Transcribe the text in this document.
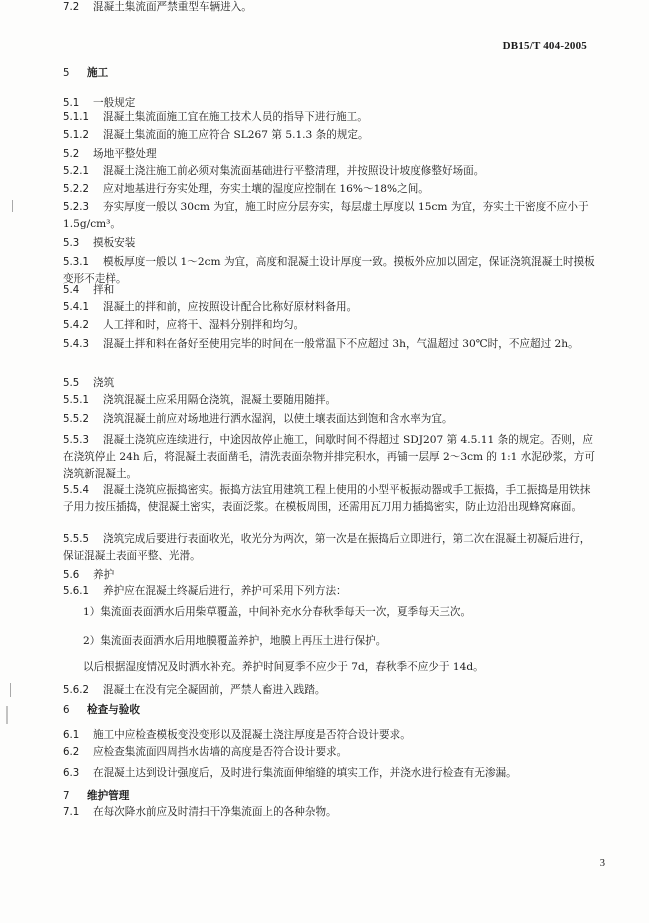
DB15/T 404-2005
5 施工
5.1 一般规定
5.1.1 混凝土集流面施工宜在施工技术人员的指导下进行施工。
5.1.2 混凝土集流面的施工应符合 SL267 第 5.1.3 条的规定。
5.2 场地平整处理
5.2.1 混凝土浇注施工前必须对集流面基础进行平整清理，并按照设计坡度修整好场面。
5.2.2 应对地基进行夯实处理，夯实土壤的湿度应控制在 16%～18%之间。
5.2.3 夯实厚度一般以 30cm 为宜，施工时应分层夯实，每层虚土厚度以 15cm 为宜，夯实土干密度不应小于 1.5g/cm³。
5.3 摸板安装
5.3.1 模板厚度一般以 1～2cm 为宜，高度和混凝土设计厚度一致。摸板外应加以固定，保证浇筑混凝土时摸板变形不走样。
5.4 拌和
5.4.1 混凝土的拌和前，应按照设计配合比称好原材料备用。
5.4.2 人工拌和时，应将干、湿料分别拌和均匀。
5.4.3 混凝土拌和料在备好至使用完毕的时间在一般常温下不应超过 3h，气温超过 30℃时，不应超过 2h。
5.5 浇筑
5.5.1 浇筑混凝土应采用隔仓浇筑，混凝土要随用随拌。
5.5.2 浇筑混凝土前应对场地进行洒水湿润，以使土壤表面达到饱和含水率为宜。
5.5.3 混凝土浇筑应连续进行，中途因故停止施工，间歇时间不得超过 SDJ207 第 4.5.11 条的规定。否则，应在浇筑停止 24h 后，将混凝土表面凿毛，清洗表面杂物并排完积水，再铺一层厚 2～3cm 的 1:1 水泥砂浆，方可浇筑新混凝土。
5.5.4 混凝土浇筑应振捣密实。振捣方法宜用建筑工程上使用的小型平板振动器或手工振捣，手工振捣是用铁抹子用力按压插捣，使混凝土密实，表面泛浆。在模板周围，还需用瓦刀用力插捣密实，防止边沿出现蜂窝麻面。
5.5.5 浇筑完成后要进行表面收光，收光分为两次，第一次是在振捣后立即进行，第二次在混凝土初凝后进行，保证混凝土表面平整、光滑。
5.6 养护
5.6.1 养护应在混凝土终凝后进行，养护可采用下列方法：
1）集流面表面洒水后用柴草覆盖，中间补充水分春秋季每天一次，夏季每天三次。
2）集流面表面洒水后用地膜覆盖养护，地膜上再压土进行保护。
以后根据湿度情况及时洒水补充。养护时间夏季不应少于 7d，春秋季不应少于 14d。
5.6.2 混凝土在没有完全凝固前，严禁人畜进入践踏。
6 检查与验收
6.1 施工中应检查模板变没变形以及混凝土浇注厚度是否符合设计要求。
6.2 应检查集流面四周挡水齿墙的高度是否符合设计要求。
6.3 在混凝土达到设计强度后，及时进行集流面伸缩缝的填实工作，并浇水进行检查有无渗漏。
7 维护管理
7.1 在每次降水前应及时清扫干净集流面上的各种杂物。
7.2 混凝土集流面严禁重型车辆进入。
3
